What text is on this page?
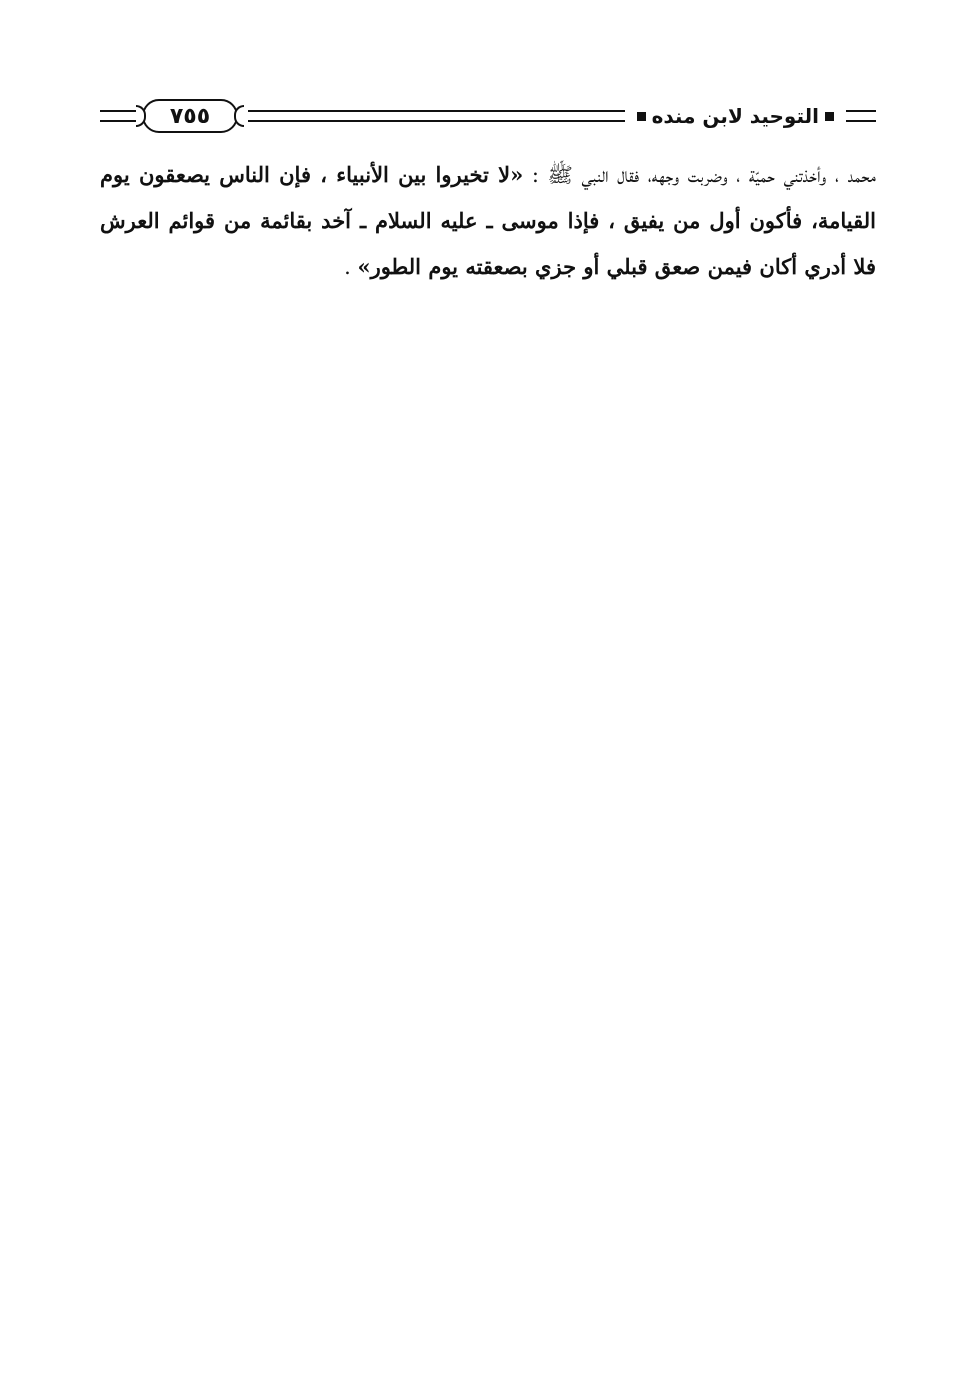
٧٥٥	التوحيد لابن منده
محمد ، وأخذتني حميّة ، وضربت وجهه، فقال النبي ﷺ : «لا تخيروا بين الأنبياء ، فإن الناس يصعقون يوم القيامة، فأكون أول من يفيق ، فإذا موسى ـ عليه السلام ـ آخد بقائمة من قوائم العرش فلا أدري أكان فيمن صعق قبلي أو جزي بصعقته يوم الطور» .
